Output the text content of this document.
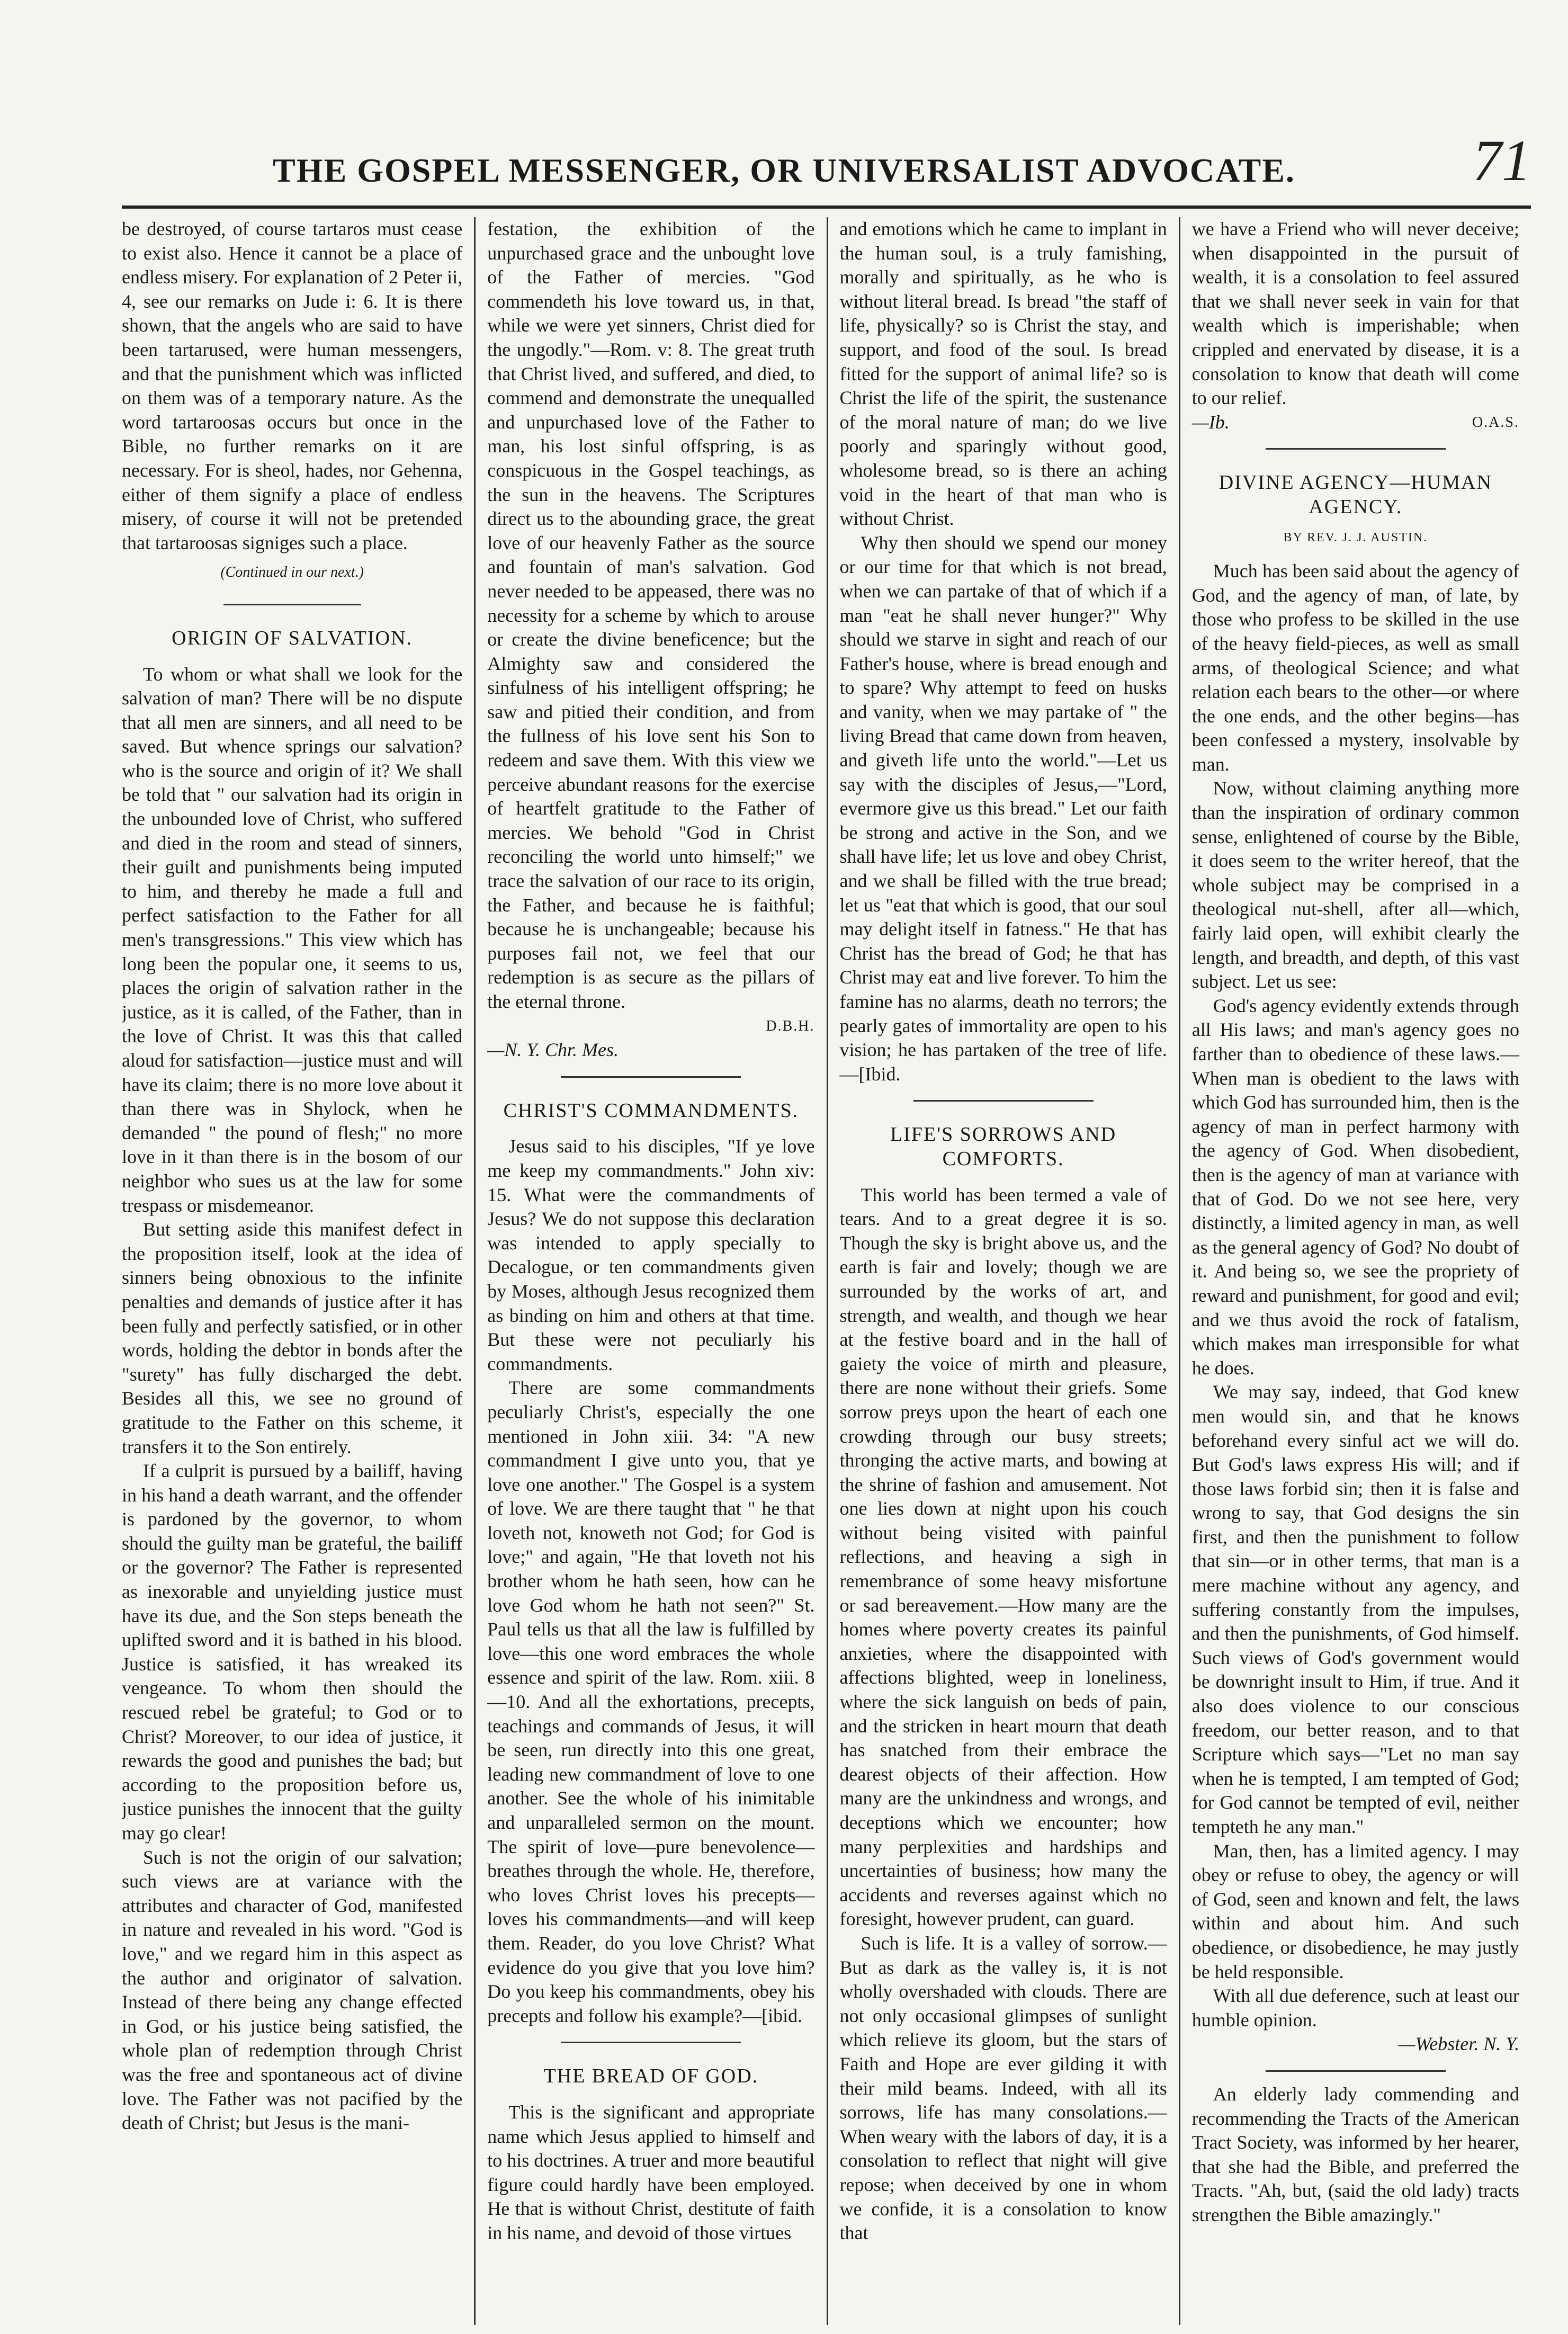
71
THE GOSPEL MESSENGER, OR UNIVERSALIST ADVOCATE.

be destroyed, of course tartaros must cease to exist also. Hence it cannot be a place of endless misery. For explanation of 2 Peter ii, 4, see our remarks on Jude i: 6. It is there shown, that the angels who are said to have been tartarused, were human messengers, and that the punishment which was inflicted on them was of a temporary nature. As the word tartaroosas occurs but once in the Bible, no further remarks on it are necessary. For is sheol, hades, nor Gehenna, either of them signify a place of endless misery, of course it will not be pretended that tartaroosas signiges such a place.

(Continued in our next.)
ORIGIN OF SALVATION.

To whom or what shall we look for the salvation of man? There will be no dispute that all men are sinners, and all need to be saved. But whence springs our salvation? who is the source and origin of it? We shall be told that " our salvation had its origin in the unbounded love of Christ, who suffered and died in the room and stead of sinners, their guilt and punishments being imputed to him, and thereby he made a full and perfect satisfaction to the Father for all men's transgressions." This view which has long been the popular one, it seems to us, places the origin of salvation rather in the justice, as it is called, of the Father, than in the love of Christ. It was this that called aloud for satisfaction—justice must and will have its claim; there is no more love about it than there was in Shylock, when he demanded " the pound of flesh;" no more love in it than there is in the bosom of our neighbor who sues us at the law for some trespass or misdemeanor.

But setting aside this manifest defect in the proposition itself, look at the idea of sinners being obnoxious to the infinite penalties and demands of justice after it has been fully and perfectly satisfied, or in other words, holding the debtor in bonds after the "surety" has fully discharged the debt. Besides all this, we see no ground of gratitude to the Father on this scheme, it transfers it to the Son entirely.

If a culprit is pursued by a bailiff, having in his hand a death warrant, and the offender is pardoned by the governor, to whom should the guilty man be grateful, the bailiff or the governor? The Father is represented as inexorable and unyielding justice must have its due, and the Son steps beneath the uplifted sword and it is bathed in his blood. Justice is satisfied, it has wreaked its vengeance. To whom then should the rescued rebel be grateful; to God or to Christ? Moreover, to our idea of justice, it rewards the good and punishes the bad; but according to the proposition before us, justice punishes the innocent that the guilty may go clear!

Such is not the origin of our salvation; such views are at variance with the attributes and character of God, manifested in nature and revealed in his word. "God is love," and we regard him in this aspect as the author and originator of salvation. Instead of there being any change effected in God, or his justice being satisfied, the whole plan of redemption through Christ was the free and spontaneous act of divine love. The Father was not pacified by the death of Christ; but Jesus is the mani-

festation, the exhibition of the unpurchased grace and the unbought love of the Father of mercies. "God commendeth his love toward us, in that, while we were yet sinners, Christ died for the ungodly."—Rom. v: 8. The great truth that Christ lived, and suffered, and died, to commend and demonstrate the unequalled and unpurchased love of the Father to man, his lost sinful offspring, is as conspicuous in the Gospel teachings, as the sun in the heavens. The Scriptures direct us to the abounding grace, the great love of our heavenly Father as the source and fountain of man's salvation. God never needed to be appeased, there was no necessity for a scheme by which to arouse or create the divine beneficence; but the Almighty saw and considered the sinfulness of his intelligent offspring; he saw and pitied their condition, and from the fullness of his love sent his Son to redeem and save them. With this view we perceive abundant reasons for the exercise of heartfelt gratitude to the Father of mercies. We behold "God in Christ reconciling the world unto himself;" we trace the salvation of our race to its origin, the Father, and because he is faithful; because he is unchangeable; because his purposes fail not, we feel that our redemption is as secure as the pillars of the eternal throne.

D.B.H.
—N. Y. Chr. Mes.
CHRIST'S COMMANDMENTS.

Jesus said to his disciples, "If ye love me keep my commandments." John xiv: 15. What were the commandments of Jesus? We do not suppose this declaration was intended to apply specially to Decalogue, or ten commandments given by Moses, although Jesus recognized them as binding on him and others at that time. But these were not peculiarly his commandments.

There are some commandments peculiarly Christ's, especially the one mentioned in John xiii. 34: "A new commandment I give unto you, that ye love one another." The Gospel is a system of love. We are there taught that " he that loveth not, knoweth not God; for God is love;" and again, "He that loveth not his brother whom he hath seen, how can he love God whom he hath not seen?" St. Paul tells us that all the law is fulfilled by love—this one word embraces the whole essence and spirit of the law. Rom. xiii. 8—10. And all the exhortations, precepts, teachings and commands of Jesus, it will be seen, run directly into this one great, leading new commandment of love to one another. See the whole of his inimitable and unparalleled sermon on the mount. The spirit of love—pure benevolence—breathes through the whole. He, therefore, who loves Christ loves his precepts—loves his commandments—and will keep them. Reader, do you love Christ? What evidence do you give that you love him? Do you keep his commandments, obey his precepts and follow his example?—[ibid.

THE BREAD OF GOD.

This is the significant and appropriate name which Jesus applied to himself and to his doctrines. A truer and more beautiful figure could hardly have been employed. He that is without Christ, destitute of faith in his name, and devoid of those virtues

and emotions which he came to implant in the human soul, is a truly famishing, morally and spiritually, as he who is without literal bread. Is bread "the staff of life, physically? so is Christ the stay, and support, and food of the soul. Is bread fitted for the support of animal life? so is Christ the life of the spirit, the sustenance of the moral nature of man; do we live poorly and sparingly without good, wholesome bread, so is there an aching void in the heart of that man who is without Christ.

Why then should we spend our money or our time for that which is not bread, when we can partake of that of which if a man "eat he shall never hunger?" Why should we starve in sight and reach of our Father's house, where is bread enough and to spare? Why attempt to feed on husks and vanity, when we may partake of " the living Bread that came down from heaven, and giveth life unto the world."—Let us say with the disciples of Jesus,—"Lord, evermore give us this bread." Let our faith be strong and active in the Son, and we shall have life; let us love and obey Christ, and we shall be filled with the true bread; let us "eat that which is good, that our soul may delight itself in fatness." He that has Christ has the bread of God; he that has Christ may eat and live forever. To him the famine has no alarms, death no terrors; the pearly gates of immortality are open to his vision; he has partaken of the tree of life.—[Ibid.

LIFE'S SORROWS AND COMFORTS.

This world has been termed a vale of tears. And to a great degree it is so. Though the sky is bright above us, and the earth is fair and lovely; though we are surrounded by the works of art, and strength, and wealth, and though we hear at the festive board and in the hall of gaiety the voice of mirth and pleasure, there are none without their griefs. Some sorrow preys upon the heart of each one crowding through our busy streets; thronging the active marts, and bowing at the shrine of fashion and amusement. Not one lies down at night upon his couch without being visited with painful reflections, and heaving a sigh in remembrance of some heavy misfortune or sad bereavement.—How many are the homes where poverty creates its painful anxieties, where the disappointed with affections blighted, weep in loneliness, where the sick languish on beds of pain, and the stricken in heart mourn that death has snatched from their embrace the dearest objects of their affection. How many are the unkindness and wrongs, and deceptions which we encounter; how many perplexities and hardships and uncertainties of business; how many the accidents and reverses against which no foresight, however prudent, can guard.

Such is life. It is a valley of sorrow.—But as dark as the valley is, it is not wholly overshaded with clouds. There are not only occasional glimpses of sunlight which relieve its gloom, but the stars of Faith and Hope are ever gilding it with their mild beams. Indeed, with all its sorrows, life has many consolations.—When weary with the labors of day, it is a consolation to reflect that night will give repose; when deceived by one in whom we confide, it is a consolation to know that

we have a Friend who will never deceive; when disappointed in the pursuit of wealth, it is a consolation to feel assured that we shall never seek in vain for that wealth which is imperishable; when crippled and enervated by disease, it is a consolation to know that death will come to our relief.

—Ib.	O.A.S.
DIVINE AGENCY—HUMAN AGENCY.
BY REV. J. J. AUSTIN.

Much has been said about the agency of God, and the agency of man, of late, by those who profess to be skilled in the use of the heavy field-pieces, as well as small arms, of theological Science; and what relation each bears to the other—or where the one ends, and the other begins—has been confessed a mystery, insolvable by man.

Now, without claiming anything more than the inspiration of ordinary common sense, enlightened of course by the Bible, it does seem to the writer hereof, that the whole subject may be comprised in a theological nut-shell, after all—which, fairly laid open, will exhibit clearly the length, and breadth, and depth, of this vast subject. Let us see:

God's agency evidently extends through all His laws; and man's agency goes no farther than to obedience of these laws.—When man is obedient to the laws with which God has surrounded him, then is the agency of man in perfect harmony with the agency of God. When disobedient, then is the agency of man at variance with that of God. Do we not see here, very distinctly, a limited agency in man, as well as the general agency of God? No doubt of it. And being so, we see the propriety of reward and punishment, for good and evil; and we thus avoid the rock of fatalism, which makes man irresponsible for what he does.

We may say, indeed, that God knew men would sin, and that he knows beforehand every sinful act we will do. But God's laws express His will; and if those laws forbid sin; then it is false and wrong to say, that God designs the sin first, and then the punishment to follow that sin—or in other terms, that man is a mere machine without any agency, and suffering constantly from the impulses, and then the punishments, of God himself. Such views of God's government would be downright insult to Him, if true. And it also does violence to our conscious freedom, our better reason, and to that Scripture which says—"Let no man say when he is tempted, I am tempted of God; for God cannot be tempted of evil, neither tempteth he any man."

Man, then, has a limited agency. I may obey or refuse to obey, the agency or will of God, seen and known and felt, the laws within and about him. And such obedience, or disobedience, he may justly be held responsible.

With all due deference, such at least our humble opinion.

—Webster. N. Y.

An elderly lady commending and recommending the Tracts of the American Tract Society, was informed by her hearer, that she had the Bible, and preferred the Tracts. "Ah, but, (said the old lady) tracts strengthen the Bible amazingly."
